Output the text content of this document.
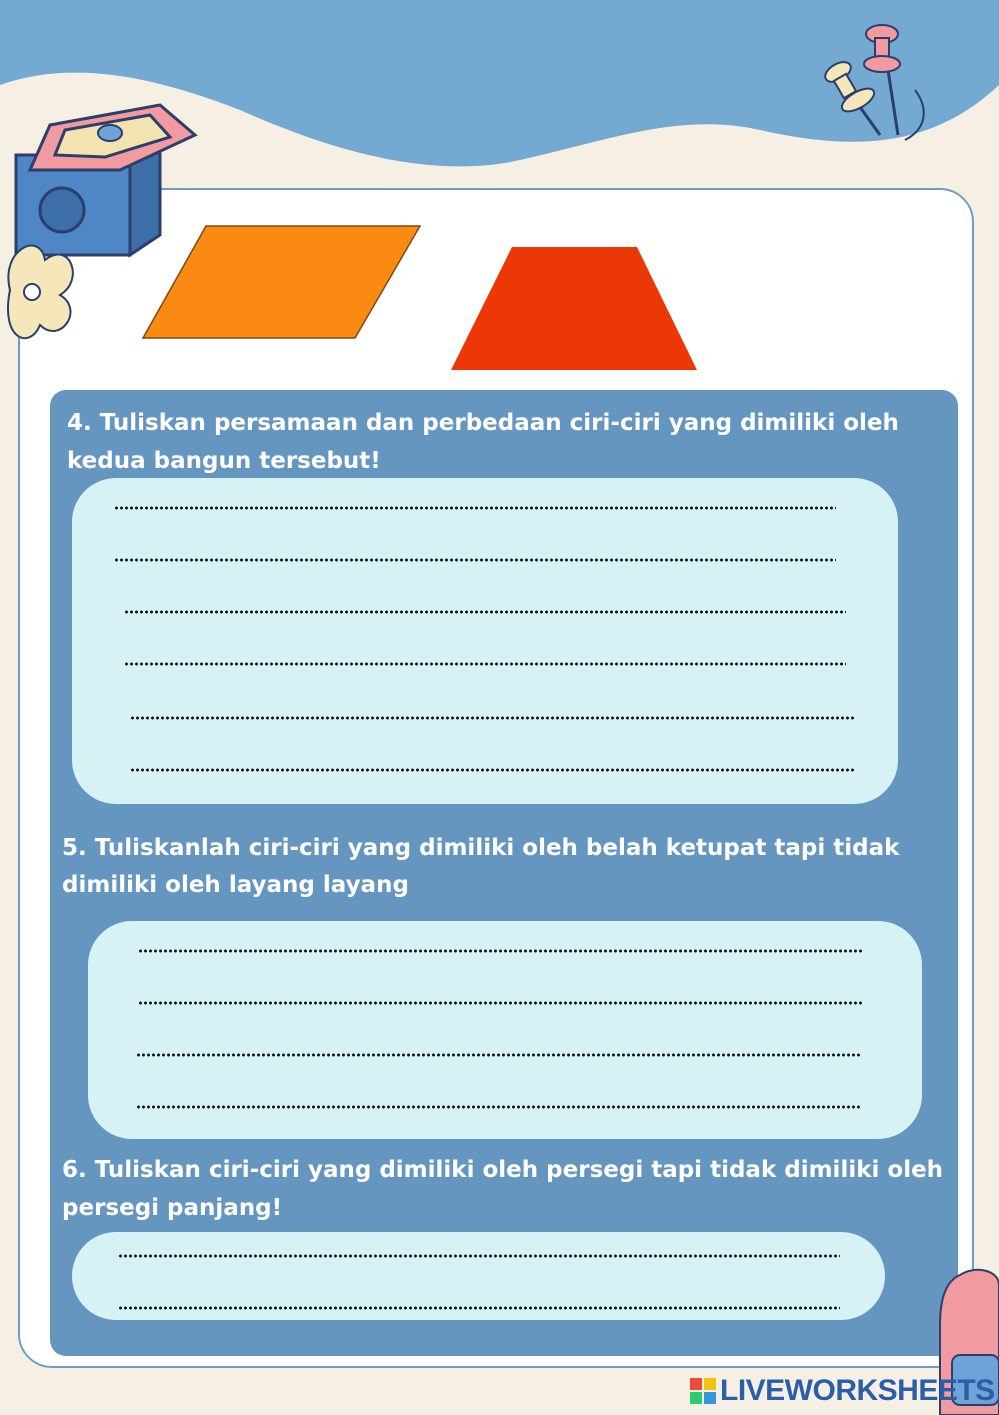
4. Tuliskan persamaan dan perbedaan ciri-ciri yang dimiliki oleh

kedua bangun tersebut!

5. Tuliskanlah ciri-ciri yang dimiliki oleh belah ketupat tapi tidak

dimiliki oleh layang layang

6. Tuliskan ciri-ciri yang dimiliki oleh persegi tapi tidak dimiliki oleh

persegi panjang!

LIVEWORKSHEETS
